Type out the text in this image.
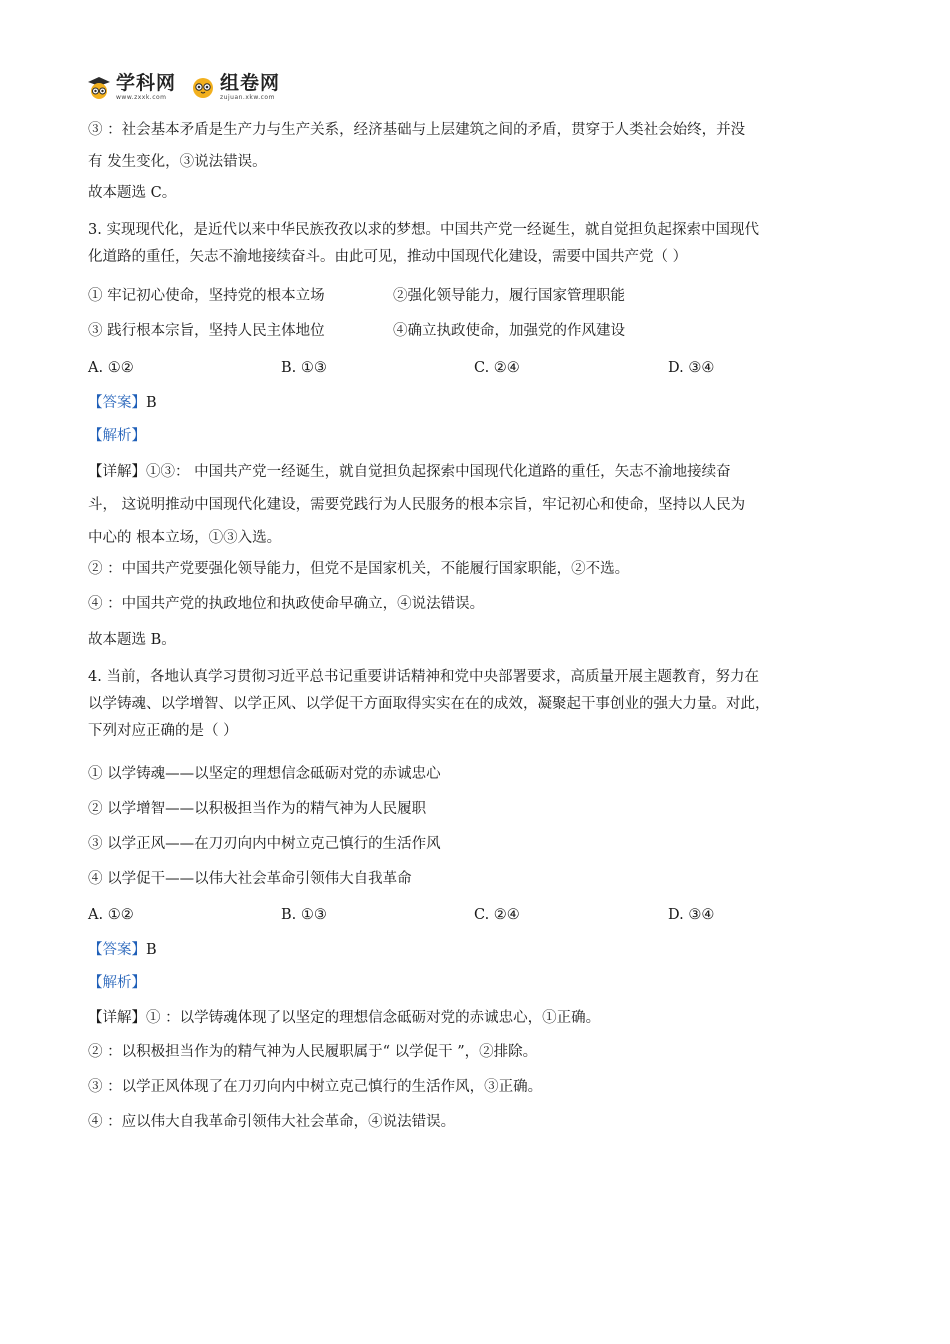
学科网
www.zxxk.com
组卷网
zujuan.xkw.com
③ ：社会基本矛盾是生产力与生产关系，经济基础与上层建筑之间的矛盾，贯穿于人类社会始终，并没
有 发生变化，③说法错误。
故本题选 C。
3. 实现现代化，是近代以来中华民族孜孜以求的梦想。中国共产党一经诞生，就自觉担负起探索中国现代
化道路的重任，矢志不渝地接续奋斗。由此可见，推动中国现代化建设，需要中国共产党（ ）
① 牢记初心使命，坚持党的根本立场	②强化领导能力，履行国家管理职能
③ 践行根本宗旨，坚持人民主体地位	④确立执政使命，加强党的作风建设
A. ①②	B. ①③	C. ②④	D. ③④
【答案】B
【解析】
【详解】①③： 中国共产党一经诞生，就自觉担负起探索中国现代化道路的重任，矢志不渝地接续奋
斗， 这说明推动中国现代化建设，需要党践行为人民服务的根本宗旨，牢记初心和使命，坚持以人民为
中心的 根本立场，①③入选。
② ：中国共产党要强化领导能力，但党不是国家机关，不能履行国家职能，②不选。
④ ：中国共产党的执政地位和执政使命早确立，④说法错误。
故本题选 B。
4. 当前，各地认真学习贯彻习近平总书记重要讲话精神和党中央部署要求，高质量开展主题教育，努力在
以学铸魂、以学增智、以学正风、以学促干方面取得实实在在的成效，凝聚起干事创业的强大力量。对此，
下列对应正确的是（ ）
① 以学铸魂——以坚定的理想信念砥砺对党的赤诚忠心
② 以学增智——以积极担当作为的精气神为人民履职
③ 以学正风——在刀刃向内中树立克己慎行的生活作风
④ 以学促干——以伟大社会革命引领伟大自我革命
A. ①②	B. ①③	C. ②④	D. ③④
【答案】B
【解析】
【详解】① ：以学铸魂体现了以坚定的理想信念砥砺对党的赤诚忠心，①正确。
② ：以积极担当作为的精气神为人民履职属于“ 以学促干 ”，②排除。
③ ：以学正风体现了在刀刃向内中树立克己慎行的生活作风，③正确。
④ ：应以伟大自我革命引领伟大社会革命，④说法错误。
